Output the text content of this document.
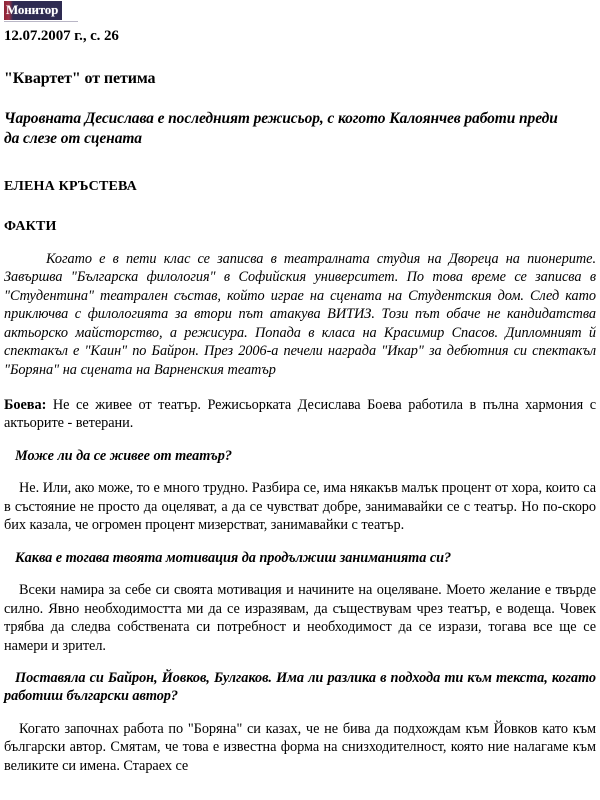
Монитор
12.07.2007 г., с. 26
"Квартет" от петима
Чаровната Десислава е последният режисьор, с когото Калоянчев работи преди да слезе от сцената
ЕЛЕНА КРЪСТЕВА
ФАКТИ

Когато е в пети клас се записва в театралната студия на Двореца на пионерите. Завършва "Българска филология" в Софийския университет. По това време се записва в "Студентина" театрален състав, който играе на сцената на Студентския дом. След като приключва с филологията за втори път атакува ВИТИЗ. Този път обаче не кандидатства актьорско майсторство, а режисура. Попада в класа на Красимир Спасов. Дипломният й спектакъл е "Каин" по Байрон. През 2006-а печели награда "Икар" за дебютния си спектакъл "Боряна" на сцената на Варненския театър

Боева: Не се живее от театър. Режисьорката Десислава Боева работила в пълна хармония с актьорите - ветерани.

Може ли да се живее от театър?

Не. Или, ако може, то е много трудно. Разбира се, има някакъв малък процент от хора, които са в състояние не просто да оцеляват, а да се чувстват добре, занимавайки се с театър. Но по-скоро бих казала, че огромен процент мизерстват, занимавайки с театър.

Каква е тогава твоята мотивация да продължиш заниманията си?

Всеки намира за себе си своята мотивация и начините на оцеляване. Моето желание е твърде силно. Явно необходимостта ми да се изразявам, да съществувам чрез театър, е водеща. Човек трябва да следва собствената си потребност и необходимост да се изрази, тогава все ще се намери и зрител.

Поставяла си Байрон, Йовков, Булгаков. Има ли разлика в подхода ти към текста, когато работиш български автор?

Когато започнах работа по "Боряна" си казах, че не бива да подхождам към Йовков като към български автор. Смятам, че това е известна форма на снизходителност, която ние налагаме към великите си имена. Стараех се
